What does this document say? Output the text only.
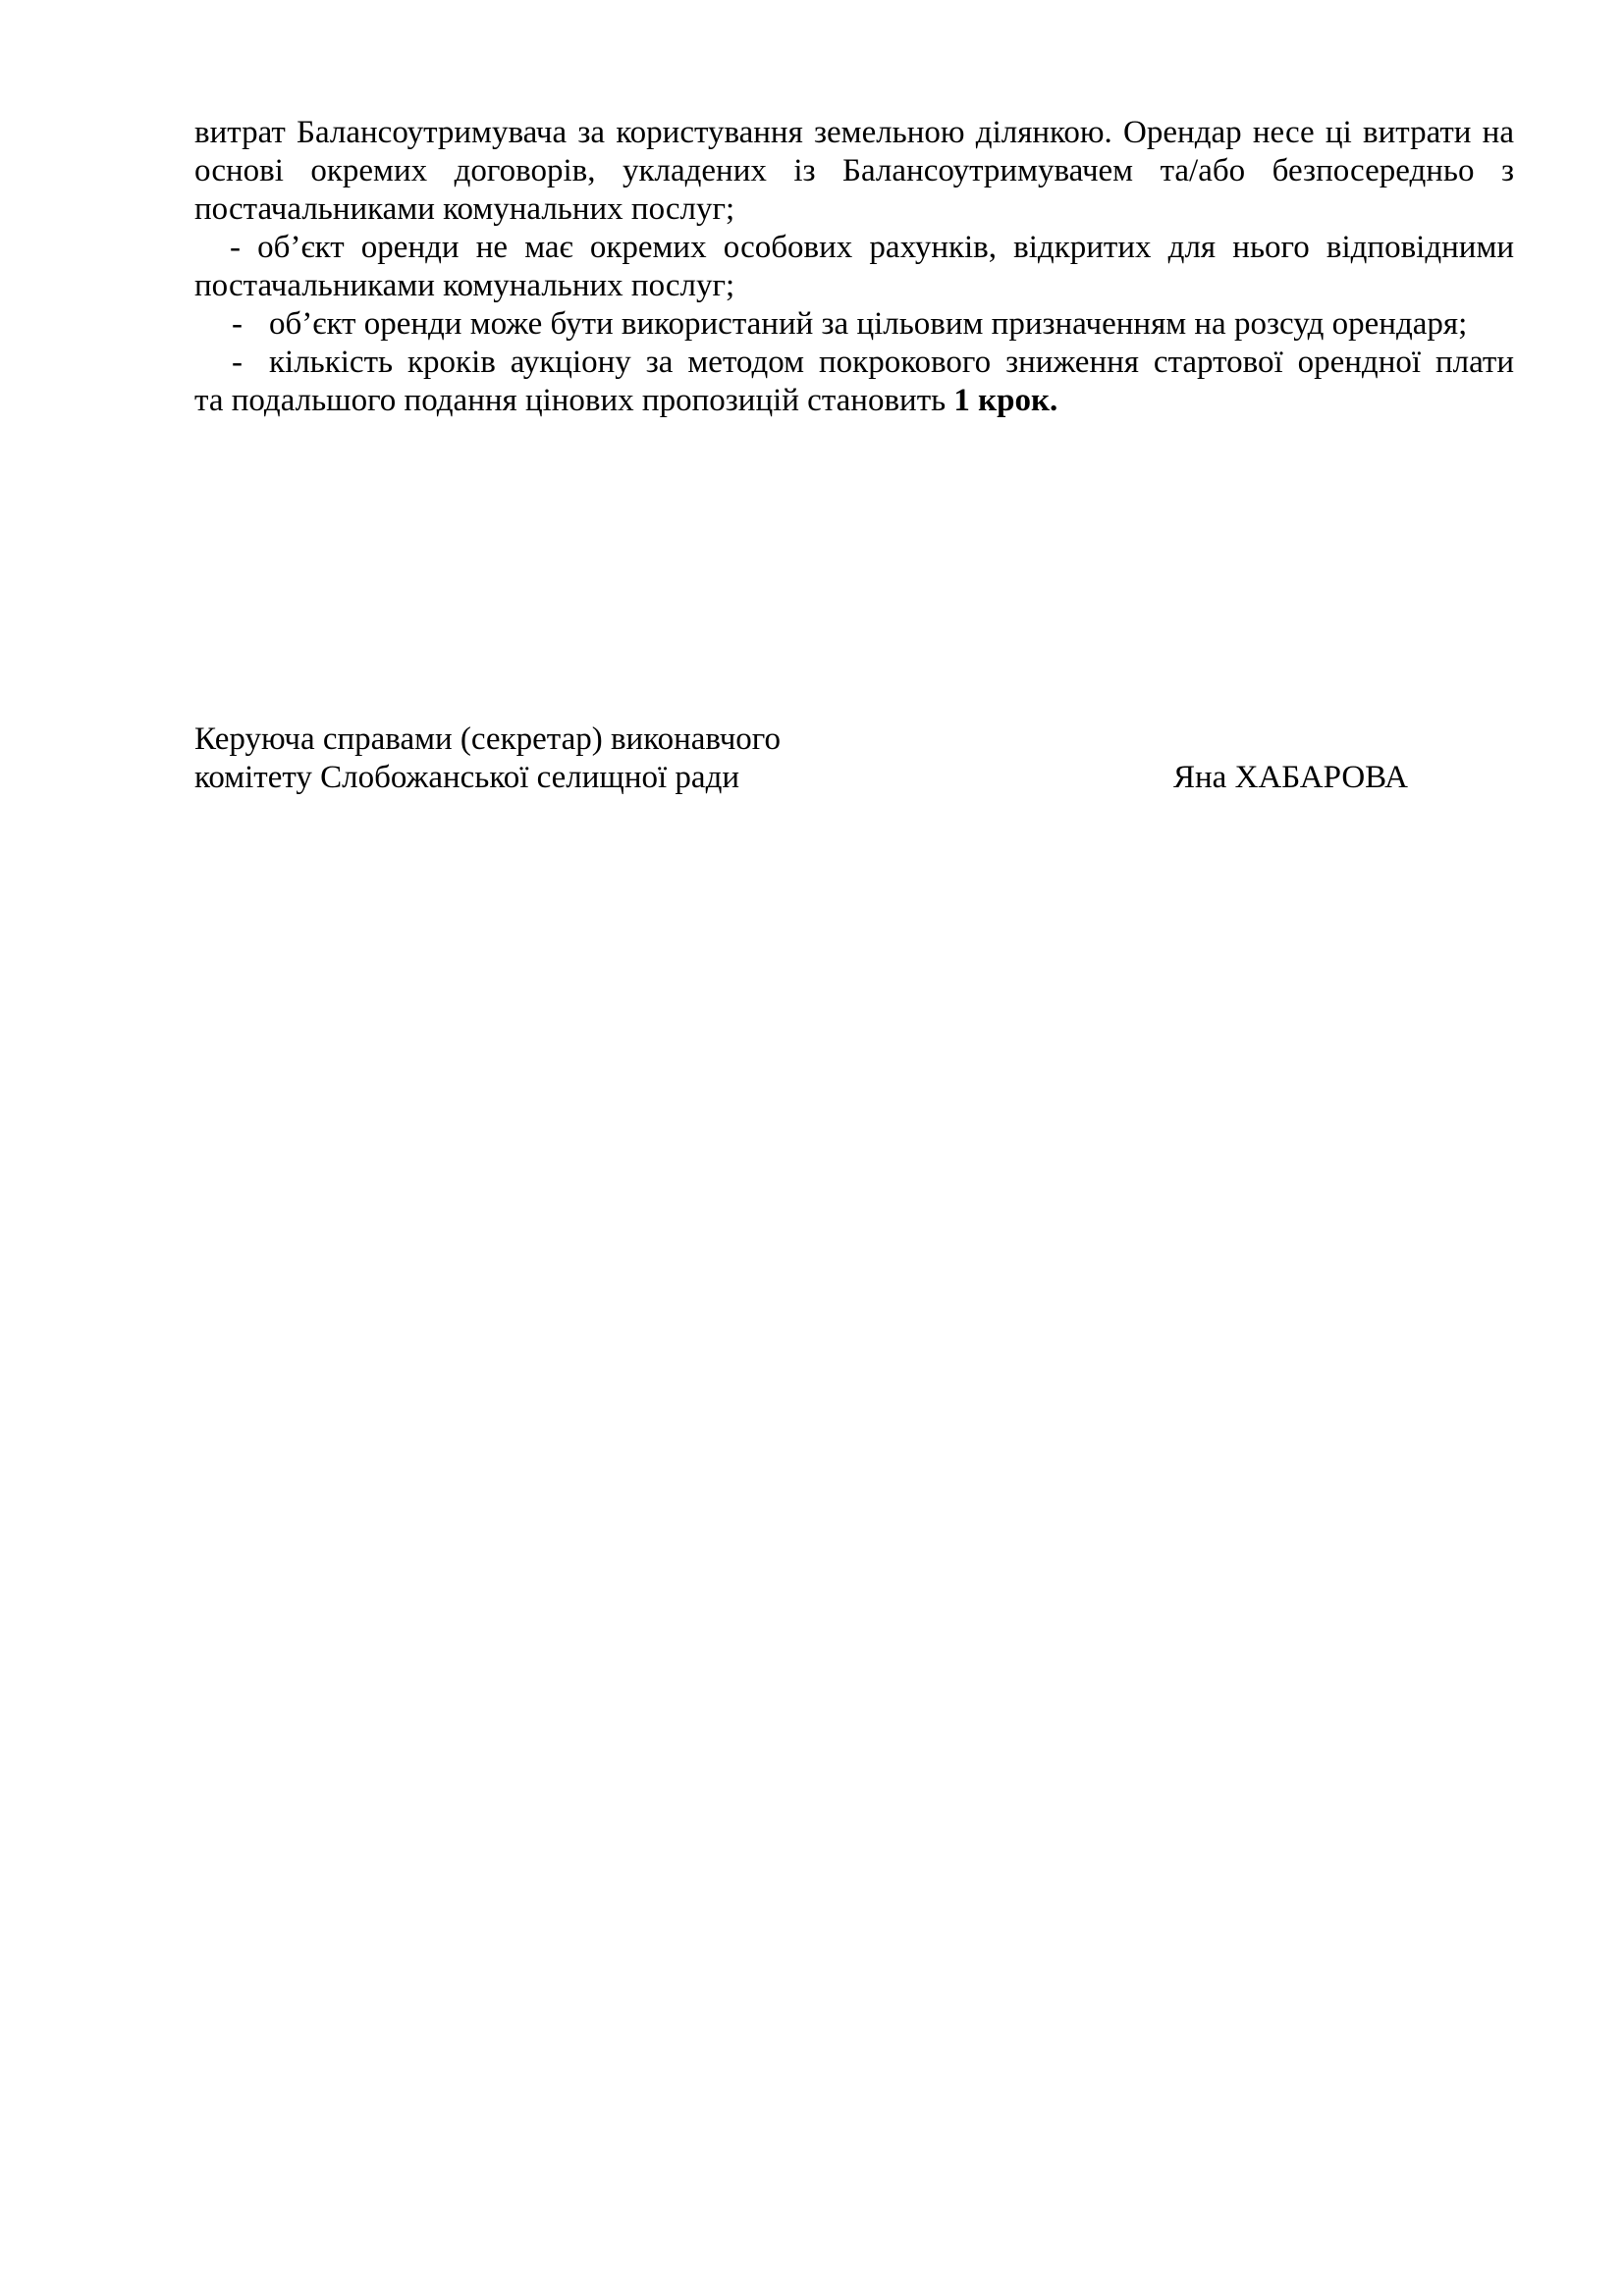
витрат Балансоутримувача за користування земельною ділянкою. Орендар несе ці витрати на
основі окремих договорів, укладених із Балансоутримувачем та/або безпосередньо з
постачальниками комунальних послуг;

- об’єкт оренди не має окремих особових рахунків, відкритих для нього відповідними
постачальниками комунальних послуг;

- об’єкт оренди може бути використаний за цільовим призначенням на розсуд орендаря;

- кількість кроків аукціону за методом покрокового зниження стартової орендної плати
та подальшого подання цінових пропозицій становить 1 крок.

Керуюча справами (секретар) виконавчого
комітету Слобожанської селищної ради	Яна ХАБАРОВА
